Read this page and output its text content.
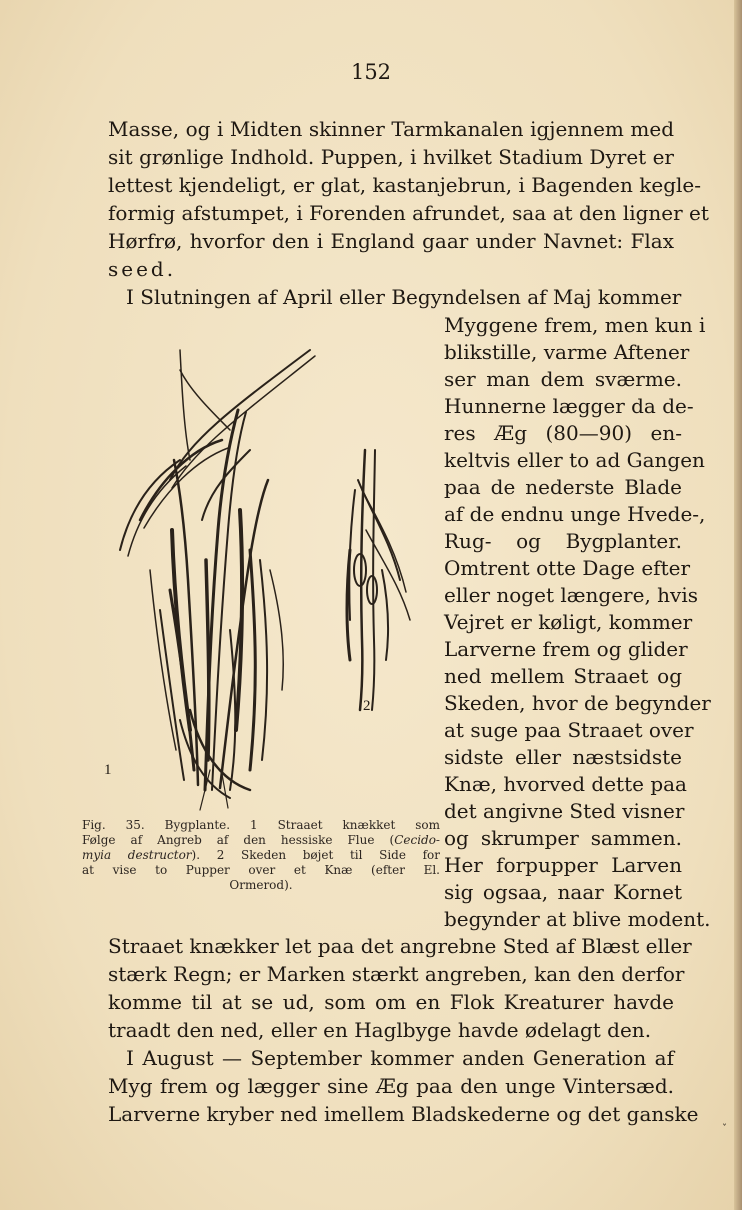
152
Masse, og i Midten skinner Tarmkanalen igjennem med
sit grønlige Indhold. Puppen, i hvilket Stadium Dyret er
lettest kjendeligt, er glat, kastanjebrun, i Bagenden kegle-
formig afstumpet, i Forenden afrundet, saa at den ligner et
Hørfrø, hvorfor den i England gaar under Navnet: Flax
seed.
I Slutningen af April eller Begyndelsen af Maj kommer
Myggene frem, men kun i
blikstille, varme Aftener
ser man dem sværme.
Hunnerne lægger da de-
res Æg (80—90) en-
keltvis eller to ad Gangen
paa de nederste Blade
af de endnu unge Hvede-,
Rug- og Bygplanter.
Omtrent otte Dage efter
eller noget længere, hvis
Vejret er køligt, kommer
Larverne frem og glider
ned mellem Straaet og
Skeden, hvor de begynder
at suge paa Straaet over
sidste eller næstsidste
Knæ, hvorved dette paa
det angivne Sted visner
og skrumper sammen.
Her forpupper Larven
sig ogsaa, naar Kornet
begynder at blive modent.
1
2
Fig. 35. Bygplante. 1 Straaet knækket som
Følge af Angreb af den hessiske Flue (Cecido-
myia destructor). 2 Skeden bøjet til Side for
at vise to Pupper over et Knæ (efter El.
Ormerod).
Straaet knækker let paa det angrebne Sted af Blæst eller
stærk Regn; er Marken stærkt angreben, kan den derfor
komme til at se ud, som om en Flok Kreaturer havde
traadt den ned, eller en Haglbyge havde ødelagt den.
I August — September kommer anden Generation af
Myg frem og lægger sine Æg paa den unge Vintersæd.
Larverne kryber ned imellem Bladskederne og det ganske
ˇ
